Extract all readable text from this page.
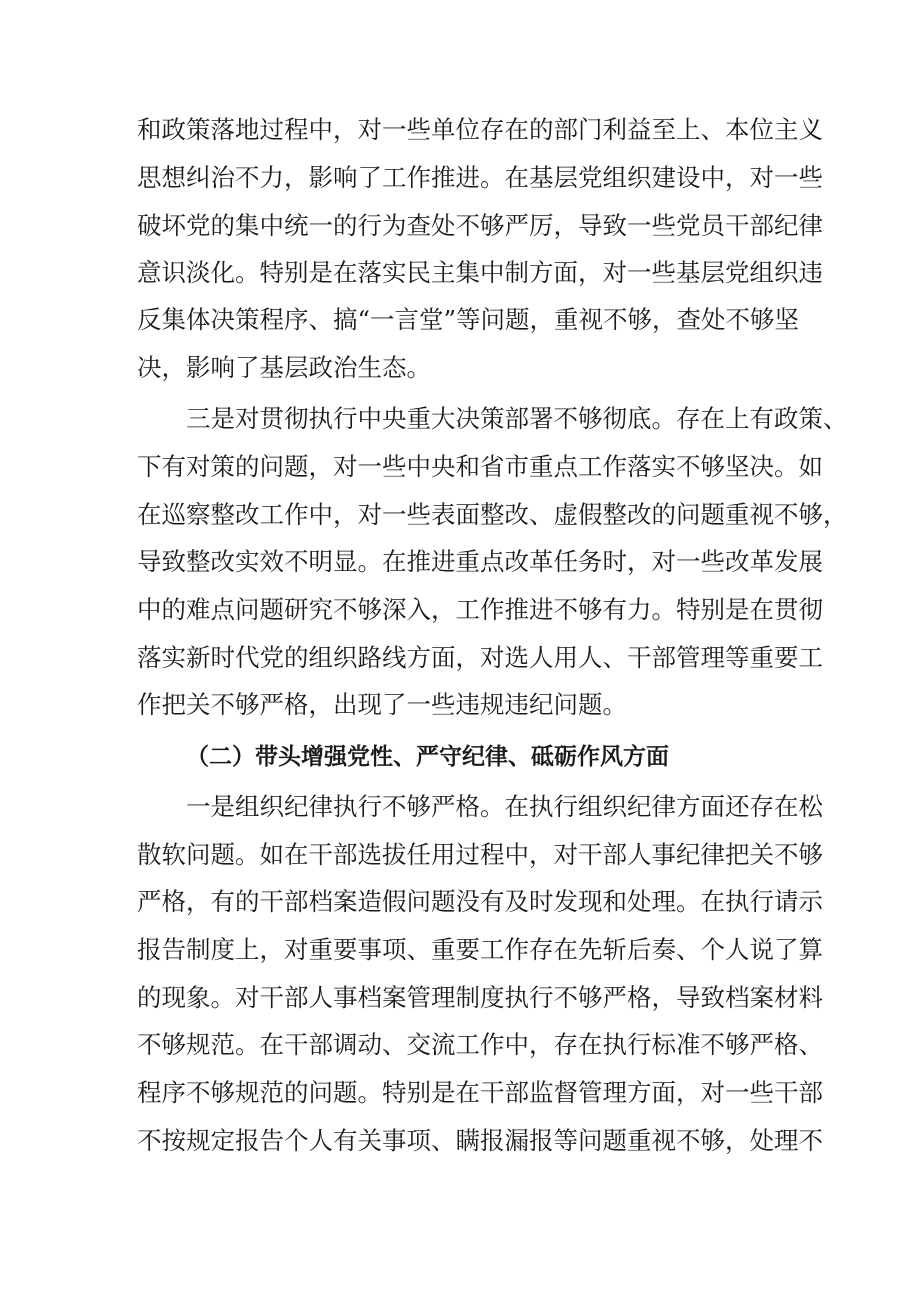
和政策落地过程中，对一些单位存在的部门利益至上、本位主义
思想纠治不力，影响了工作推进。在基层党组织建设中，对一些
破坏党的集中统一的行为查处不够严厉，导致一些党员干部纪律
意识淡化。特别是在落实民主集中制方面，对一些基层党组织违
反集体决策程序、搞“一言堂”等问题，重视不够，查处不够坚
决，影响了基层政治生态。
三是对贯彻执行中央重大决策部署不够彻底。存在上有政策、
下有对策的问题，对一些中央和省市重点工作落实不够坚决。如
在巡察整改工作中，对一些表面整改、虚假整改的问题重视不够，
导致整改实效不明显。在推进重点改革任务时，对一些改革发展
中的难点问题研究不够深入，工作推进不够有力。特别是在贯彻
落实新时代党的组织路线方面，对选人用人、干部管理等重要工
作把关不够严格，出现了一些违规违纪问题。
（二）带头增强党性、严守纪律、砥砺作风方面
一是组织纪律执行不够严格。在执行组织纪律方面还存在松
散软问题。如在干部选拔任用过程中，对干部人事纪律把关不够
严格，有的干部档案造假问题没有及时发现和处理。在执行请示
报告制度上，对重要事项、重要工作存在先斩后奏、个人说了算
的现象。对干部人事档案管理制度执行不够严格，导致档案材料
不够规范。在干部调动、交流工作中，存在执行标准不够严格、
程序不够规范的问题。特别是在干部监督管理方面，对一些干部
不按规定报告个人有关事项、瞒报漏报等问题重视不够，处理不
